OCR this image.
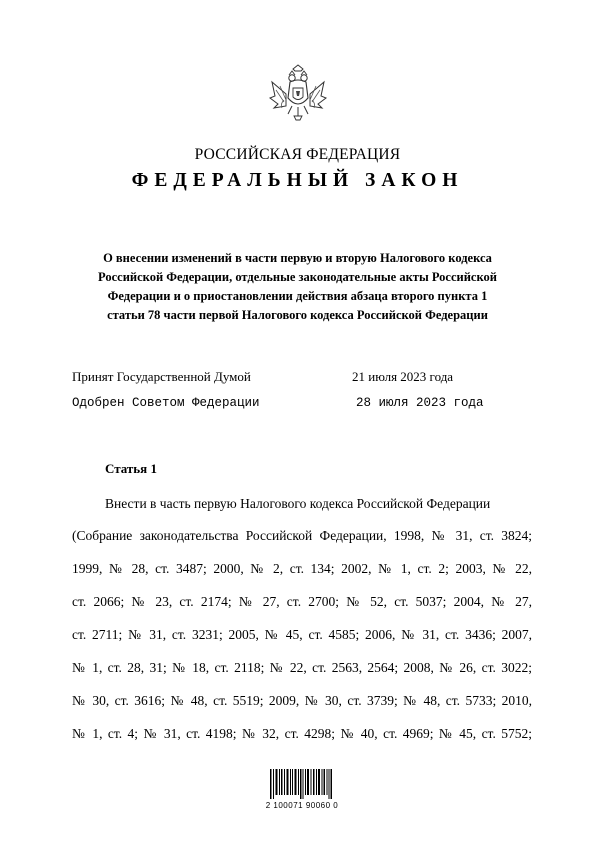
РОССИЙСКАЯ ФЕДЕРАЦИЯ
ФЕДЕРАЛЬНЫЙ ЗАКОН
О внесении изменений в части первую и вторую Налогового кодекса
Российской Федерации, отдельные законодательные акты Российской
Федерации и о приостановлении действия абзаца второго пункта 1
статьи 78 части первой Налогового кодекса Российской Федерации
Принят Государственной Думой	21 июля 2023 года
Одобрен Советом Федерации	28 июля 2023 года
Статья 1
Внести в часть первую Налогового кодекса Российской Федерации
(Собрание законодательства Российской Федерации, 1998, № 31, ст. 3824;
1999, № 28, ст. 3487; 2000, № 2, ст. 134; 2002, № 1, ст. 2; 2003, № 22,
ст. 2066; № 23, ст. 2174; № 27, ст. 2700; № 52, ст. 5037; 2004, № 27,
ст. 2711; № 31, ст. 3231; 2005, № 45, ст. 4585; 2006, № 31, ст. 3436; 2007,
№ 1, ст. 28, 31; № 18, ст. 2118; № 22, ст. 2563, 2564; 2008, № 26, ст. 3022;
№ 30, ст. 3616; № 48, ст. 5519; 2009, № 30, ст. 3739; № 48, ст. 5733; 2010,
№ 1, ст. 4; № 31, ст. 4198; № 32, ст. 4298; № 40, ст. 4969; № 45, ст. 5752;
2 100071 90060 0
